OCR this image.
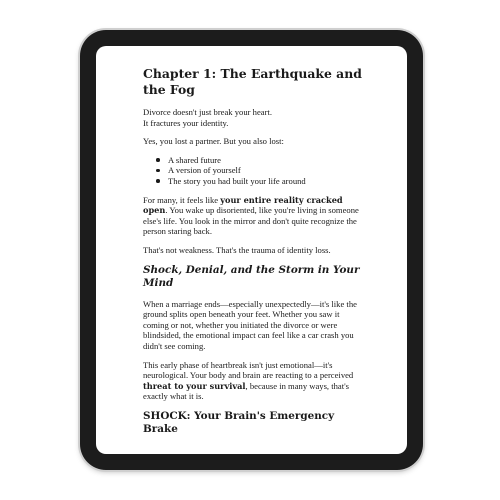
Chapter 1: The Earthquake and the Fog

Divorce doesn't just break your heart.
It fractures your identity.

Yes, you lost a partner. But you also lost:

A shared future
A version of yourself
The story you had built your life around

For many, it feels like your entire reality cracked open. You wake up disoriented, like you're living in someone else's life. You look in the mirror and don't quite recognize the person staring back.

That's not weakness. That's the trauma of identity loss.

Shock, Denial, and the Storm in Your Mind

When a marriage ends—especially unexpectedly—it's like the ground splits open beneath your feet. Whether you saw it coming or not, whether you initiated the divorce or were blindsided, the emotional impact can feel like a car crash you didn't see coming.

This early phase of heartbreak isn't just emotional—it's neurological. Your body and brain are reacting to a perceived threat to your survival, because in many ways, that's exactly what it is.

SHOCK: Your Brain's Emergency Brake
